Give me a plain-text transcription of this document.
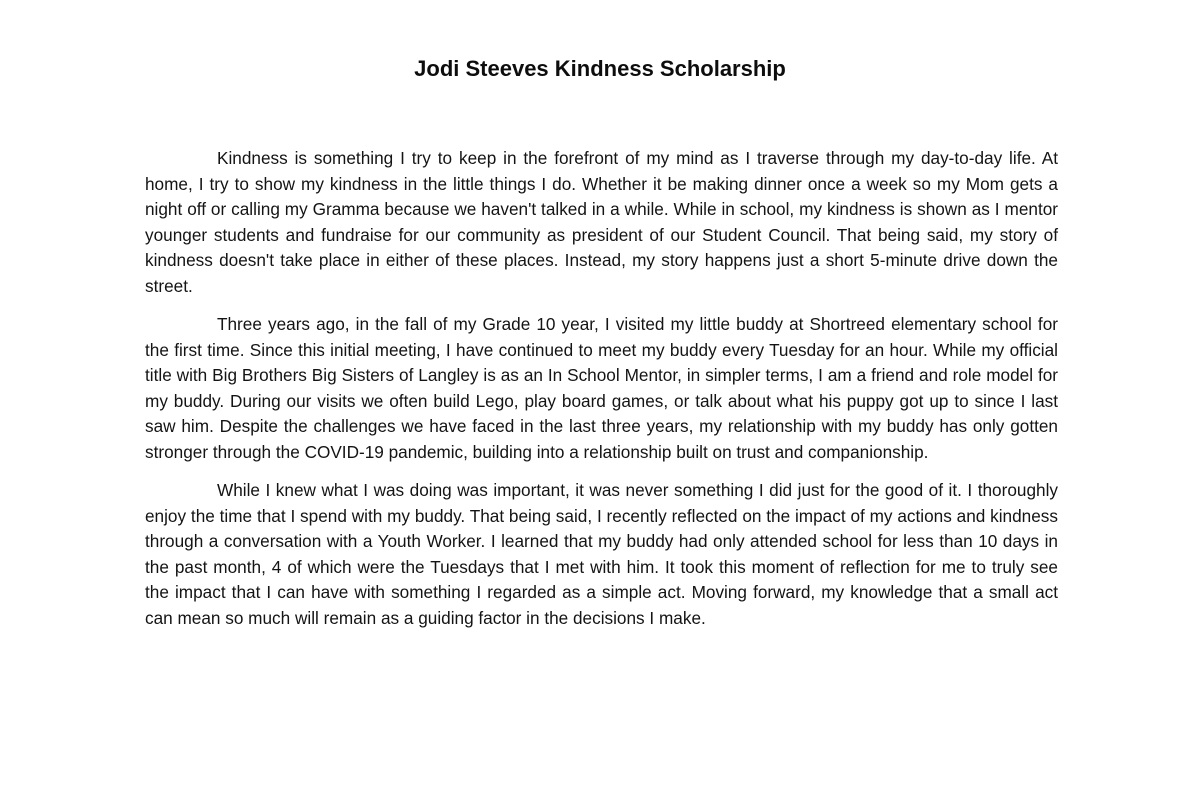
Jodi Steeves Kindness Scholarship

Kindness is something I try to keep in the forefront of my mind as I traverse through my day-to-day life. At home, I try to show my kindness in the little things I do. Whether it be making dinner once a week so my Mom gets a night off or calling my Gramma because we haven't talked in a while. While in school, my kindness is shown as I mentor younger students and fundraise for our community as president of our Student Council. That being said, my story of kindness doesn't take place in either of these places. Instead, my story happens just a short 5-minute drive down the street.

Three years ago, in the fall of my Grade 10 year, I visited my little buddy at Shortreed elementary school for the first time. Since this initial meeting, I have continued to meet my buddy every Tuesday for an hour. While my official title with Big Brothers Big Sisters of Langley is as an In School Mentor, in simpler terms, I am a friend and role model for my buddy. During our visits we often build Lego, play board games, or talk about what his puppy got up to since I last saw him. Despite the challenges we have faced in the last three years, my relationship with my buddy has only gotten stronger through the COVID-19 pandemic, building into a relationship built on trust and companionship.

While I knew what I was doing was important, it was never something I did just for the good of it. I thoroughly enjoy the time that I spend with my buddy. That being said, I recently reflected on the impact of my actions and kindness through a conversation with a Youth Worker. I learned that my buddy had only attended school for less than 10 days in the past month, 4 of which were the Tuesdays that I met with him. It took this moment of reflection for me to truly see the impact that I can have with something I regarded as a simple act. Moving forward, my knowledge that a small act can mean so much will remain as a guiding factor in the decisions I make.
